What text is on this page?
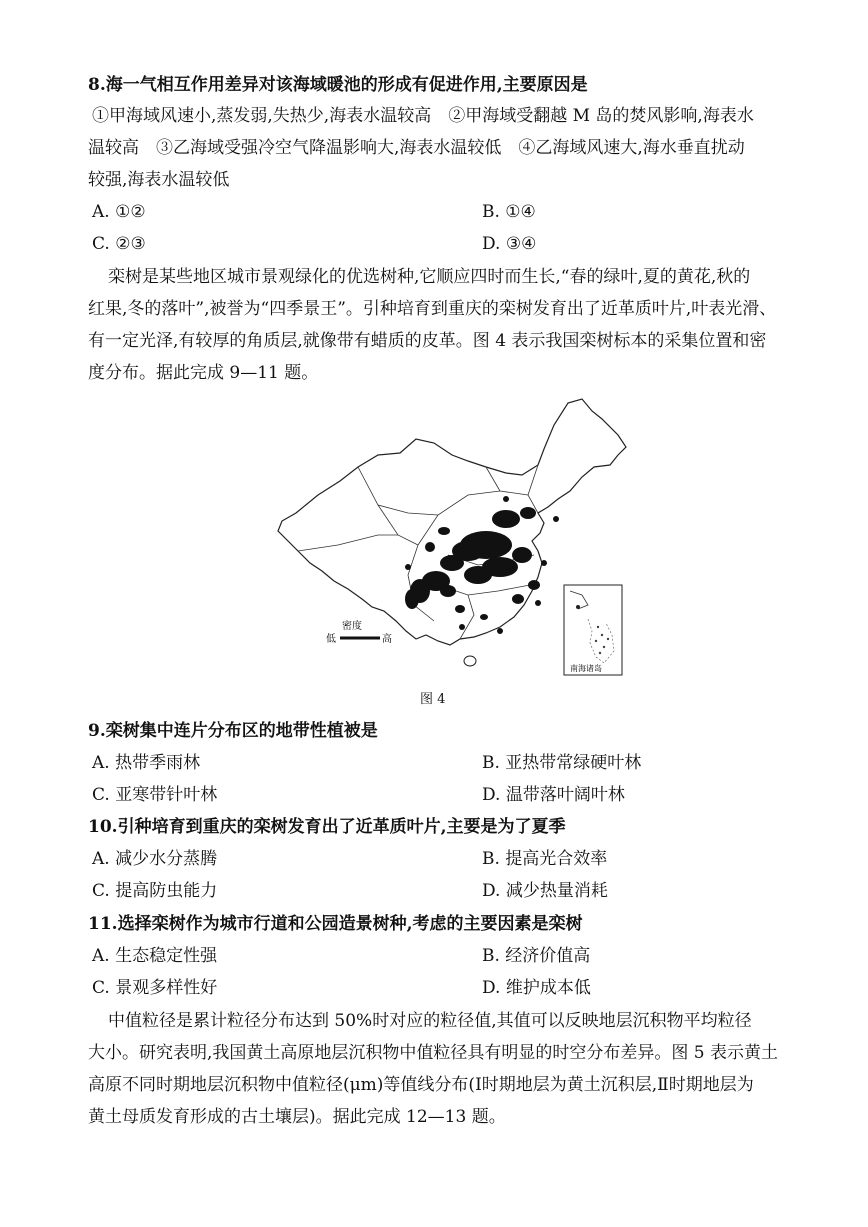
8.海一气相互作用差异对该海域暖池的形成有促进作用,主要原因是
①甲海域风速小,蒸发弱,失热少,海表水温较高　②甲海域受翻越 M 岛的焚风影响,海表水
温较高　③乙海域受强冷空气降温影响大,海表水温较低　④乙海域风速大,海水垂直扰动
较强,海表水温较低
A. ①②	B. ①④
C. ②③	D. ③④
栾树是某些地区城市景观绿化的优选树种,它顺应四时而生长,“春的绿叶,夏的黄花,秋的
红果,冬的落叶”,被誉为“四季景王”。引种培育到重庆的栾树发育出了近革质叶片,叶表光滑、
有一定光泽,有较厚的角质层,就像带有蜡质的皮革。图 4 表示我国栾树标本的采集位置和密
度分布。据此完成 9—11 题。
密度
低	高
南海诸岛
图 4
9.栾树集中连片分布区的地带性植被是
A. 热带季雨林	B. 亚热带常绿硬叶林
C. 亚寒带针叶林	D. 温带落叶阔叶林
10.引种培育到重庆的栾树发育出了近革质叶片,主要是为了夏季
A. 减少水分蒸腾	B. 提高光合效率
C. 提高防虫能力	D. 减少热量消耗
11.选择栾树作为城市行道和公园造景树种,考虑的主要因素是栾树
A. 生态稳定性强	B. 经济价值高
C. 景观多样性好	D. 维护成本低
中值粒径是累计粒径分布达到 50%时对应的粒径值,其值可以反映地层沉积物平均粒径
大小。研究表明,我国黄土高原地层沉积物中值粒径具有明显的时空分布差异。图 5 表示黄土
高原不同时期地层沉积物中值粒径(μm)等值线分布(Ⅰ时期地层为黄土沉积层,Ⅱ时期地层为
黄土母质发育形成的古土壤层)。据此完成 12—13 题。
